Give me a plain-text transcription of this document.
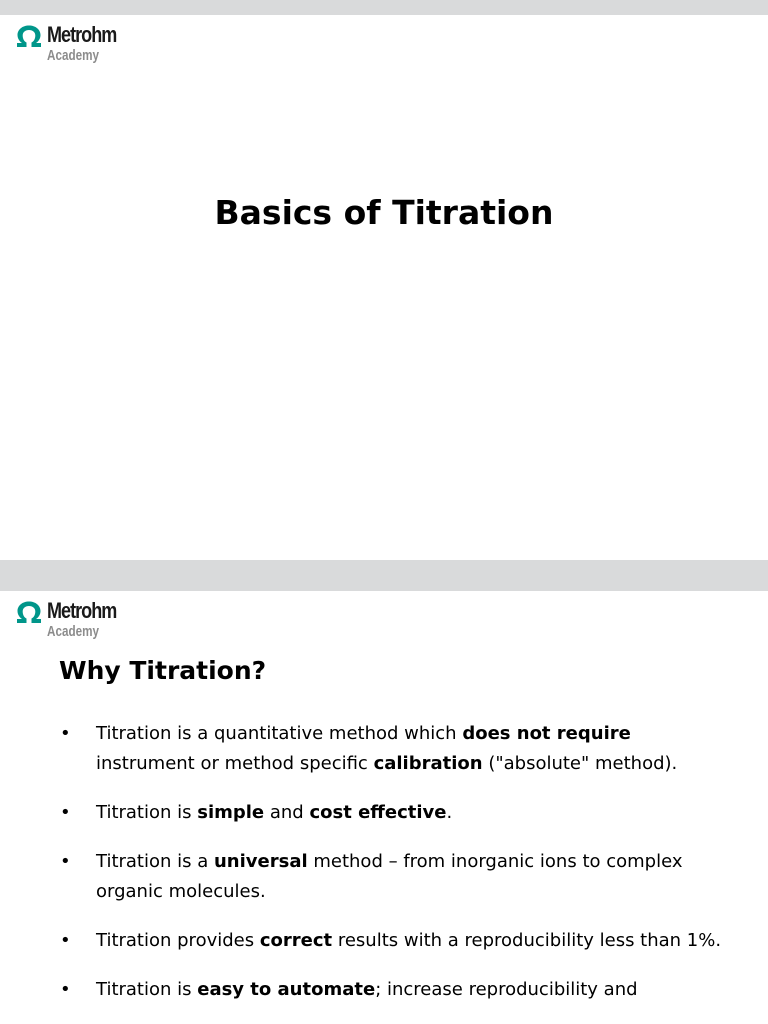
Metrohm
Academy
Basics of Titration
Metrohm
Academy
Why Titration?
• Titration is a quantitative method which does not require instrument or method specific calibration ("absolute" method).
• Titration is simple and cost effective.
• Titration is a universal method – from inorganic ions to complex organic molecules.
• Titration provides correct results with a reproducibility less than 1%.
• Titration is easy to automate; increase reproducibility and
